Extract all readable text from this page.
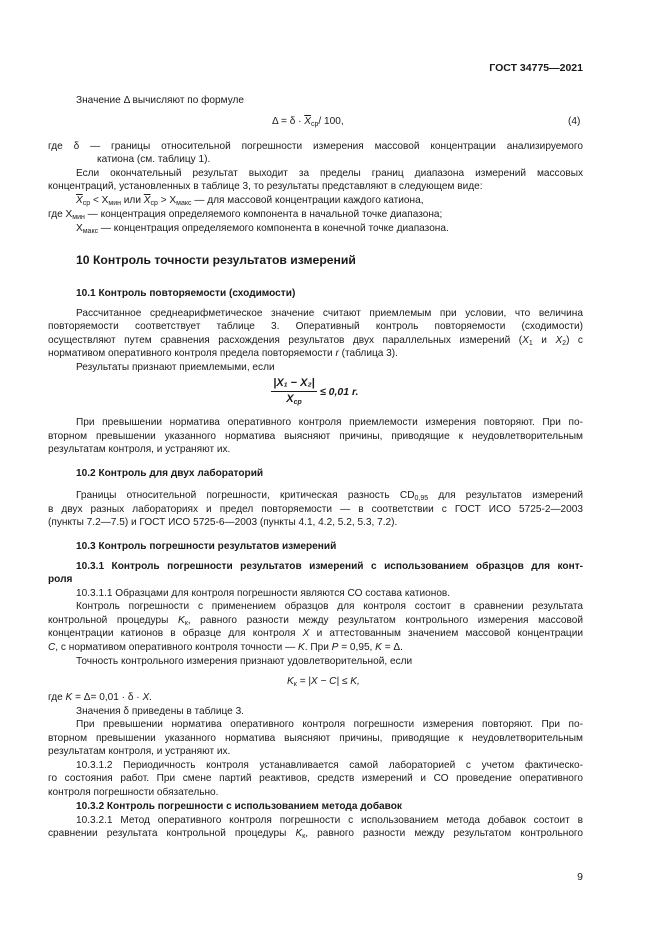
ГОСТ 34775—2021
Значение Δ вычисляют по формуле
$\Delta = \delta \cdot \overline{X}_{ср}/$ 100,	(4)
где δ — границы относительной погрешности измерения массовой концентрации анализируемого
катиона (см. таблицу 1).
Если окончательный результат выходит за пределы границ диапазона измерений массовых
концентраций, установленных в таблице 3, то результаты представляют в следующем виде:
$\overline{X}_{ср} < X_{мин}$ или $\overline{X}_{ср} > X_{макс}$ — для массовой концентрации каждого катиона,
где $X_{мин}$ — концентрация определяемого компонента в начальной точке диапазона;
$X_{макс}$ — концентрация определяемого компонента в конечной точке диапазона.
10 Контроль точности результатов измерений
10.1 Контроль повторяемости (сходимости)
Рассчитанное среднеарифметическое значение считают приемлемым при условии, что величина
повторяемости соответствует таблице 3. Оперативный контроль повторяемости (сходимости)
осуществляют путем сравнения расхождения результатов двух параллельных измерений ($X_1$ и $X_2$) с
нормативом оперативного контроля предела повторяемости r (таблица 3).
Результаты признают приемлемыми, если
|X₁ − X₂|
$X_{ср}$
≤ 0,01 r.
При превышении норматива оперативного контроля приемлемости измерения повторяют. При по-
вторном превышении указанного норматива выясняют причины, приводящие к неудовлетворительным
результатам контроля, и устраняют их.
10.2 Контроль для двух лабораторий
Границы относительной погрешности, критическая разность $CD_{0,95}$ для результатов измерений
в двух разных лабораториях и предел повторяемости — в соответствии с ГОСТ ИСО 5725-2—2003
(пункты 7.2—7.5) и ГОСТ ИСО 5725-6—2003 (пункты 4.1, 4.2, 5.2, 5.3, 7.2).
10.3 Контроль погрешности результатов измерений
10.3.1 Контроль погрешности результатов измерений с использованием образцов для конт-
роля
10.3.1.1 Образцами для контроля погрешности являются СО состава катионов.
Контроль погрешности с применением образцов для контроля состоит в сравнении результата
контрольной процедуры $K_к$, равного разности между результатом контрольного измерения массовой
концентрации катионов в образце для контроля X и аттестованным значением массовой концентрации
C, с нормативом оперативного контроля точности — K. При P = 0,95, K = Δ.
Точность контрольного измерения признают удовлетворительной, если
$K_к = |X - C| \le K$,
где K = Δ= 0,01 · δ · X.
Значения δ приведены в таблице 3.
При превышении норматива оперативного контроля погрешности измерения повторяют. При по-
вторном превышении указанного норматива выясняют причины, приводящие к неудовлетворительным
результатам контроля, и устраняют их.
10.3.1.2 Периодичность контроля устанавливается самой лабораторией с учетом фактическо-
го состояния работ. При смене партий реактивов, средств измерений и СО проведение оперативного
контроля погрешности обязательно.
10.3.2 Контроль погрешности с использованием метода добавок
10.3.2.1 Метод оперативного контроля погрешности с использованием метода добавок состоит в
сравнении результата контрольной процедуры $K_к$, равного разности между результатом контрольного
9
